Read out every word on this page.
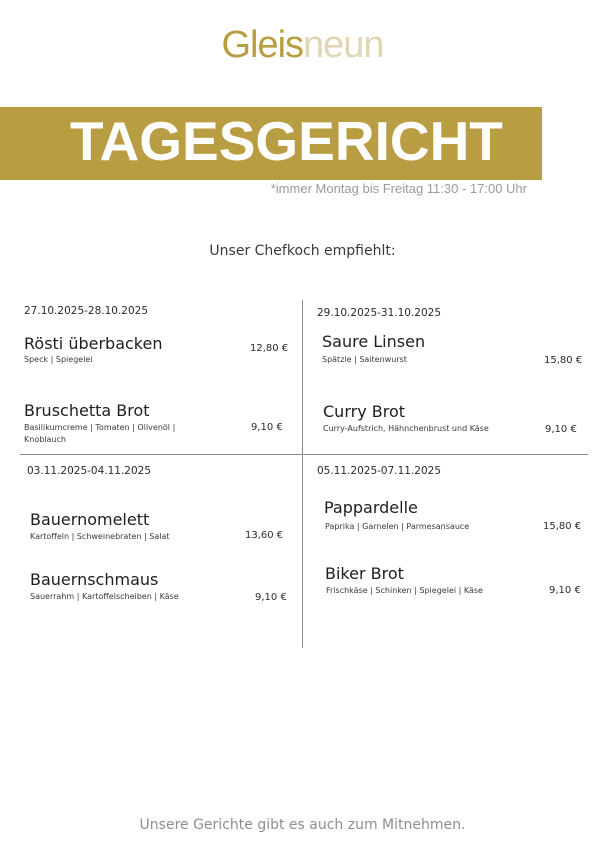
Gleisneun
TAGESGERICHT
*immer Montag bis Freitag 11:30 - 17:00 Uhr
Unser Chefkoch empfiehlt:
27.10.2025-28.10.2025
Rösti überbacken
Speck | Spiegelei
12,80 €
Bruschetta Brot
Basilikumcreme | Tomaten | Olivenöl | Knoblauch
9,10 €
29.10.2025-31.10.2025
Saure Linsen
Spätzle | Saitenwurst	15,80 €
Curry Brot
Curry-Aufstrich, Hähnchenbrust und Käse	9,10 €
03.11.2025-04.11.2025
Bauernomelett
Kartoffeln | Schweinebraten | Salat	13,60 €
Bauernschmaus
Sauerrahm | Kartoffelscheiben | Käse	9,10 €
05.11.2025-07.11.2025
Pappardelle
Paprika | Garnelen | Parmesansauce	15,80 €
Biker Brot
Frischkäse | Schinken | Spiegelei | Käse	9,10 €
Unsere Gerichte gibt es auch zum Mitnehmen.
